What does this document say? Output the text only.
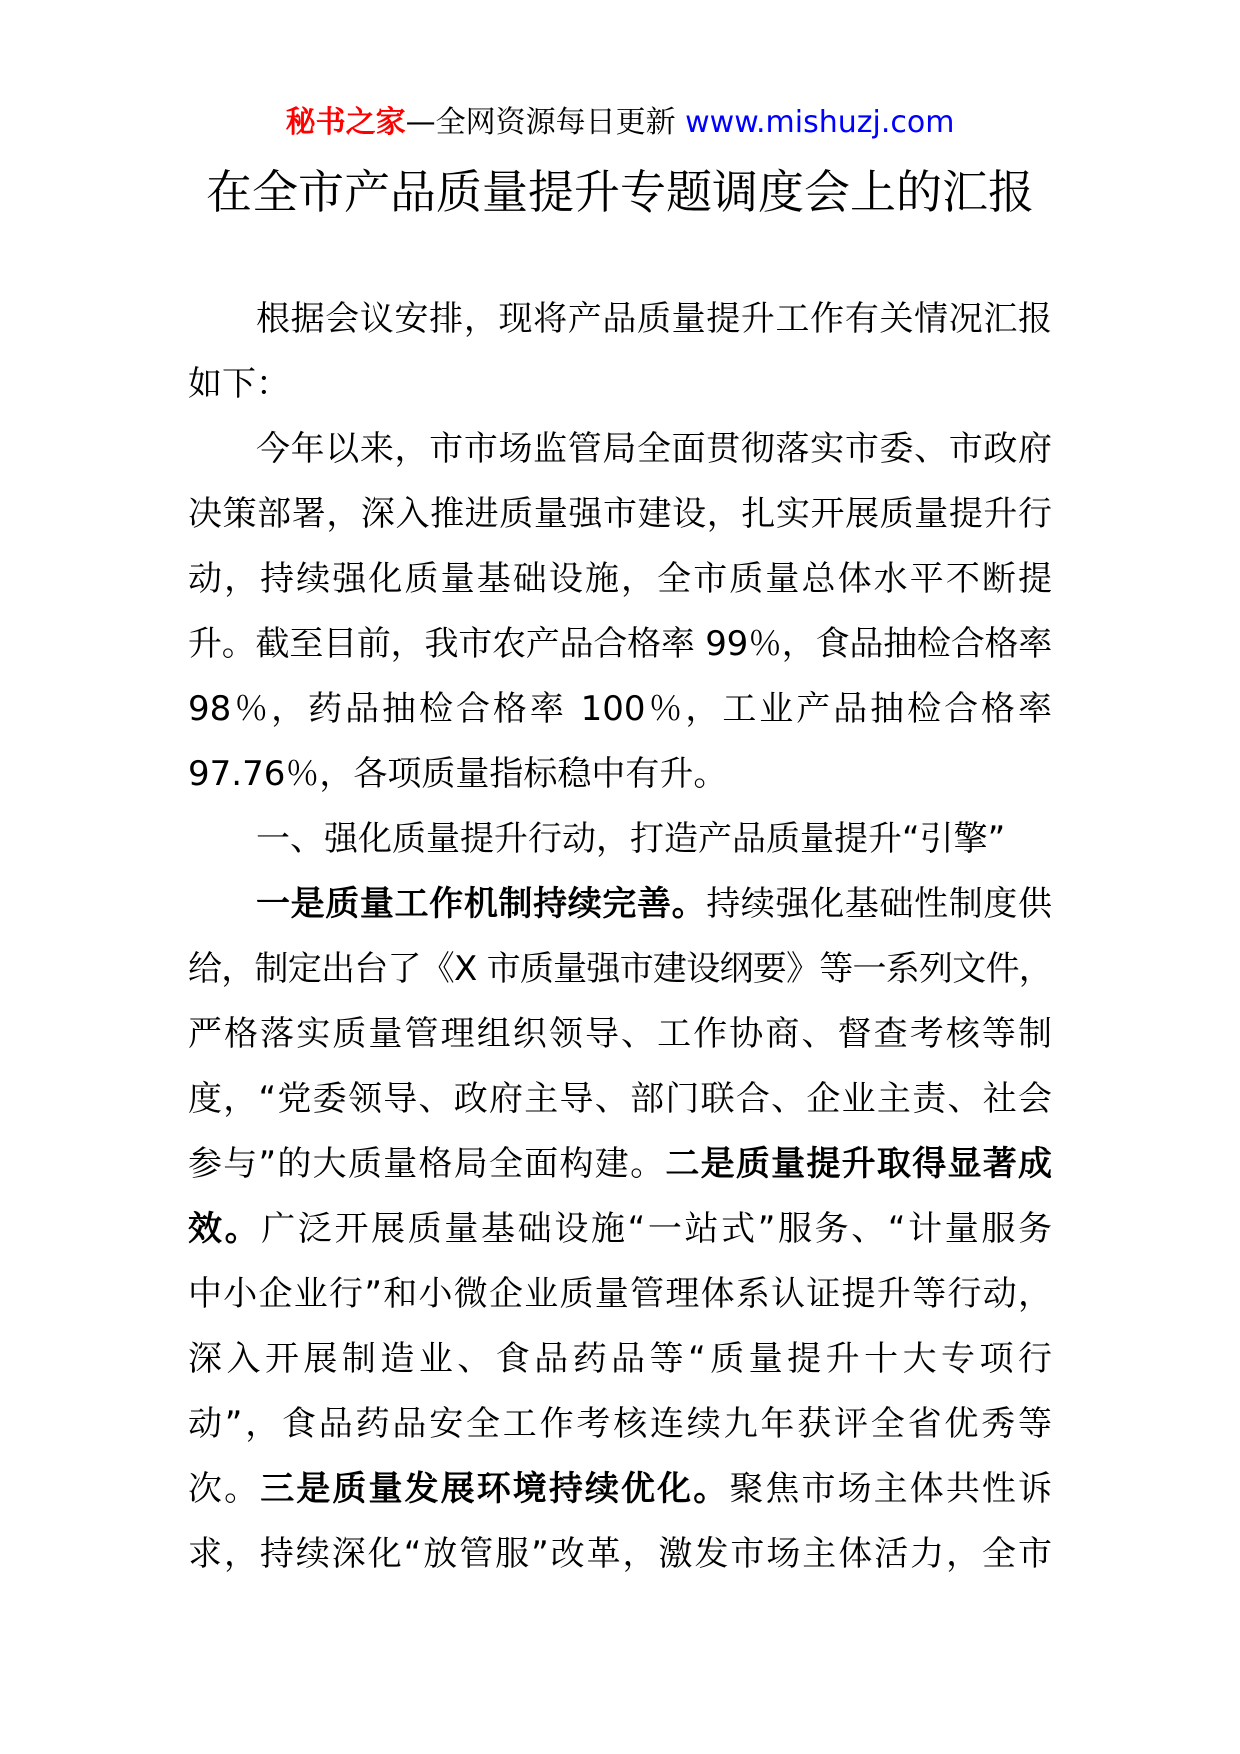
秘书之家—全网资源每日更新 www.mishuzj.com
在全市产品质量提升专题调度会上的汇报
根据会议安排，现将产品质量提升工作有关情况汇报
如下：
今年以来，市市场监管局全面贯彻落实市委、市政府
决策部署，深入推进质量强市建设，扎实开展质量提升行
动，持续强化质量基础设施，全市质量总体水平不断提
升。截至目前，我市农产品合格率 99％，食品抽检合格率
98％，药品抽检合格率 100％，工业产品抽检合格率
97.76％，各项质量指标稳中有升。
一、强化质量提升行动，打造产品质量提升“引擎”
一是质量工作机制持续完善。持续强化基础性制度供
给，制定出台了《X 市质量强市建设纲要》等一系列文件，
严格落实质量管理组织领导、工作协商、督查考核等制
度，“党委领导、政府主导、部门联合、企业主责、社会
参与”的大质量格局全面构建。二是质量提升取得显著成
效。广泛开展质量基础设施“一站式”服务、“计量服务
中小企业行”和小微企业质量管理体系认证提升等行动，
深入开展制造业、食品药品等“质量提升十大专项行
动”，食品药品安全工作考核连续九年获评全省优秀等
次。三是质量发展环境持续优化。聚焦市场主体共性诉
求，持续深化“放管服”改革，激发市场主体活力，全市
